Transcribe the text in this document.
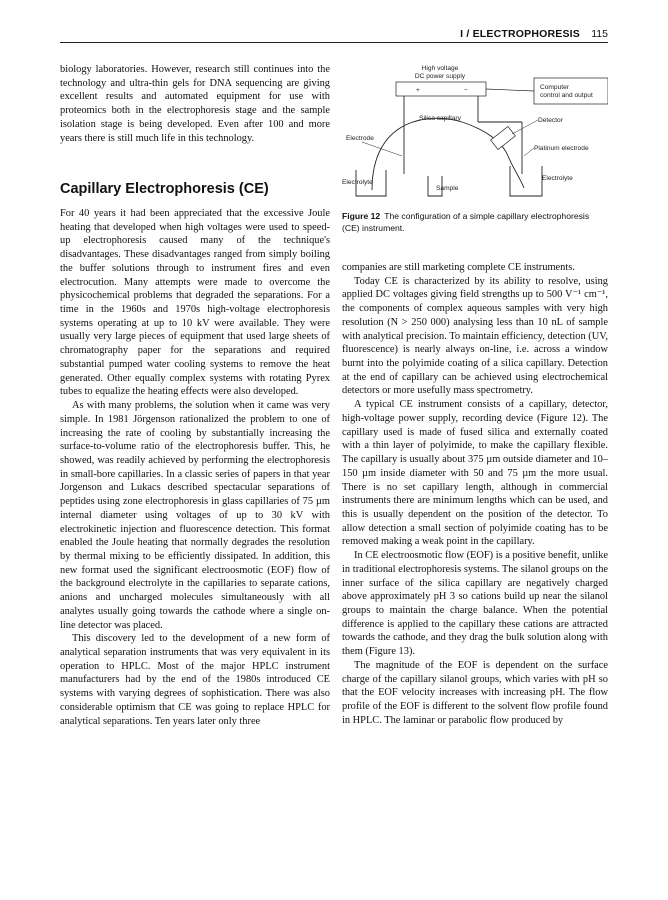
I / ELECTROPHORESIS 115

biology laboratories. However, research still continues into the technology and ultra-thin gels for DNA sequencing are giving excellent results and automated equipment for use with proteomics both in the electrophoresis stage and the sample isolation stage is being developed. Even after 100 and more years there is still much life in this technology.

Capillary Electrophoresis (CE)

For 40 years it had been appreciated that the excessive Joule heating that developed when high voltages were used to speed-up electrophoresis caused many of the technique's disadvantages. These disadvantages ranged from simply boiling the buffer solutions through to instrument fires and even electrocution. Many attempts were made to overcome the physicochemical problems that degraded the separations. For a time in the 1960s and 1970s high-voltage electrophoresis systems operating at up to 10 kV were available. They were usually very large pieces of equipment that used large sheets of chromatography paper for the separations and required substantial pumped water cooling systems to remove the heat generated. Other equally complex systems with rotating Pyrex tubes to equalize the heating effects were also developed.

As with many problems, the solution when it came was very simple. In 1981 Jörgenson rationalized the problem to one of increasing the rate of cooling by substantially increasing the surface-to-volume ratio of the electrophoresis buffer. This, he showed, was readily achieved by performing the electrophoresis in small-bore capillaries. In a classic series of papers in that year Jorgenson and Lukacs described spectacular separations of peptides using zone electrophoresis in glass capillaries of 75 µm internal diameter using voltages of up to 30 kV with electrokinetic injection and fluorescence detection. This format enabled the Joule heating that normally degrades the resolution by thermal mixing to be efficiently dissipated. In addition, this new format used the significant electroosmotic (EOF) flow of the background electrolyte in the capillaries to separate cations, anions and uncharged molecules simultaneously with all analytes usually going towards the cathode where a single on-line detector was placed.

This discovery led to the development of a new form of analytical separation instruments that was very equivalent in its operation to HPLC. Most of the major HPLC instrument manufacturers had by the end of the 1980s introduced CE systems with varying degrees of sophistication. There was also considerable optimism that CE was going to replace HPLC for analytical separations. Ten years later only three

High voltage
DC power supply
+	−	Computer
control and output
Silica capillary	Detector
Electrode
Platinum electrode
Electrolyte
Electrolyte
Sample
Figure 12 The configuration of a simple capillary electrophoresis (CE) instrument.

companies are still marketing complete CE instruments.

Today CE is characterized by its ability to resolve, using applied DC voltages giving field strengths up to 500 V⁻¹ cm⁻¹, the components of complex aqueous samples with very high resolution (N > 250 000) analysing less than 10 nL of sample with analytical precision. To maintain efficiency, detection (UV, fluorescence) is nearly always on-line, i.e. across a window burnt into the polyimide coating of a silica capillary. Detection at the end of capillary can be achieved using electrochemical detectors or more usefully mass spectrometry.

A typical CE instrument consists of a capillary, detector, high-voltage power supply, recording device (Figure 12). The capillary used is made of fused silica and externally coated with a thin layer of polyimide, to make the capillary flexible. The capillary is usually about 375 µm outside diameter and 10–150 µm inside diameter with 50 and 75 µm the more usual. There is no set capillary length, although in commercial instruments there are minimum lengths which can be used, and this is usually dependent on the position of the detector. To allow detection a small section of polyimide coating has to be removed making a weak point in the capillary.

In CE electroosmotic flow (EOF) is a positive benefit, unlike in traditional electrophoresis systems. The silanol groups on the inner surface of the silica capillary are negatively charged above approximately pH 3 so cations build up near the silanol groups to maintain the charge balance. When the potential difference is applied to the capillary these cations are attracted towards the cathode, and they drag the bulk solution along with them (Figure 13).

The magnitude of the EOF is dependent on the surface charge of the capillary silanol groups, which varies with pH so that the EOF velocity increases with increasing pH. The flow profile of the EOF is different to the solvent flow profile found in HPLC. The laminar or parabolic flow produced by
